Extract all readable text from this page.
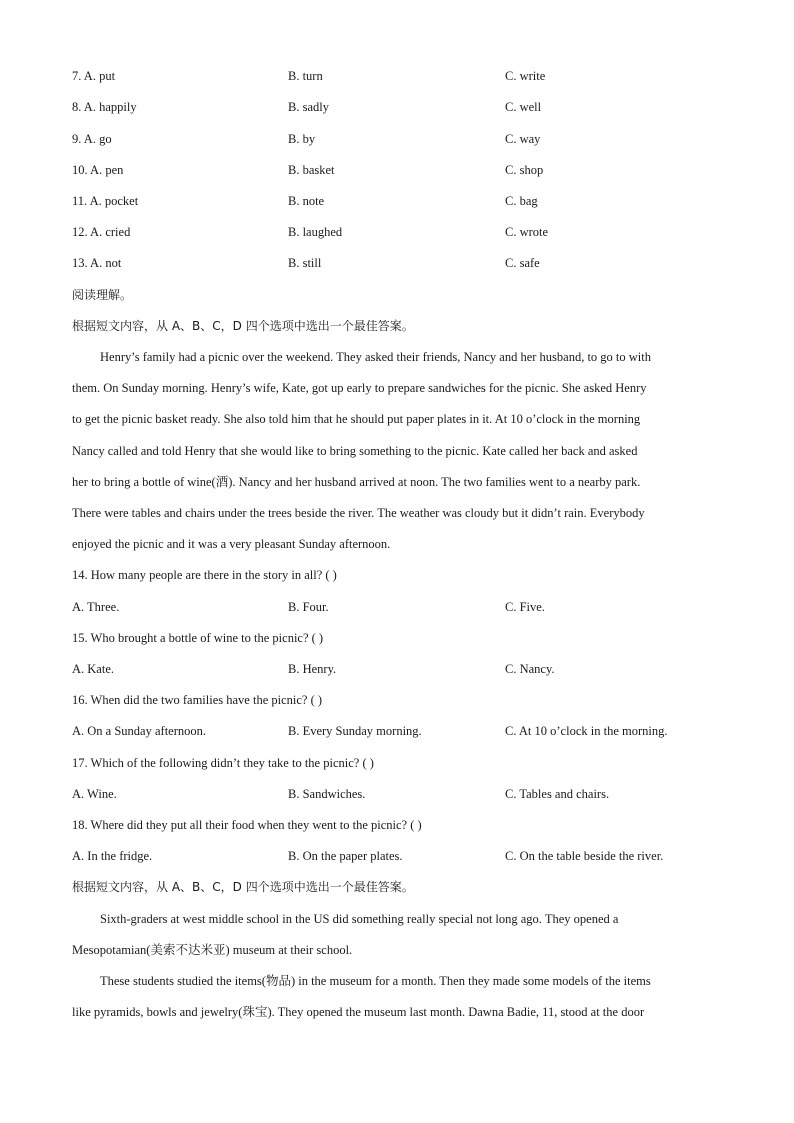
7. A. put	B. turn	C. write
8. A. happily	B. sadly	C. well
9. A. go	B. by	C. way
10. A. pen	B. basket	C. shop
11. A. pocket	B. note	C. bag
12. A. cried	B. laughed	C. wrote
13. A. not	B. still	C. safe
阅读理解。
根据短文内容，从 A、B、C，D 四个选项中选出一个最佳答案。
Henry’s family had a picnic over the weekend. They asked their friends, Nancy and her husband, to go to with
them. On Sunday morning. Henry’s wife, Kate, got up early to prepare sandwiches for the picnic. She asked Henry
to get the picnic basket ready. She also told him that he should put paper plates in it. At 10 o’clock in the morning
Nancy called and told Henry that she would like to bring something to the picnic. Kate called her back and asked
her to bring a bottle of wine(酒). Nancy and her husband arrived at noon. The two families went to a nearby park.
There were tables and chairs under the trees beside the river. The weather was cloudy but it didn’t rain. Everybody
enjoyed the picnic and it was a very pleasant Sunday afternoon.
14. How many people are there in the story in all? ( )
A. Three.	B. Four.	C. Five.
15. Who brought a bottle of wine to the picnic? ( )
A. Kate.	B. Henry.	C. Nancy.
16. When did the two families have the picnic? ( )
A. On a Sunday afternoon.	B. Every Sunday morning.	C. At 10 o’clock in the morning.
17. Which of the following didn’t they take to the picnic? ( )
A. Wine.	B. Sandwiches.	C. Tables and chairs.
18. Where did they put all their food when they went to the picnic? ( )
A. In the fridge.	B. On the paper plates.	C. On the table beside the river.
根据短文内容，从 A、B、C，D 四个选项中选出一个最佳答案。
Sixth-graders at west middle school in the US did something really special not long ago. They opened a
Mesopotamian(美索不达米亚) museum at their school.
These students studied the items(物品) in the museum for a month. Then they made some models of the items
like pyramids, bowls and jewelry(珠宝). They opened the museum last month. Dawna Badie, 11, stood at the door
